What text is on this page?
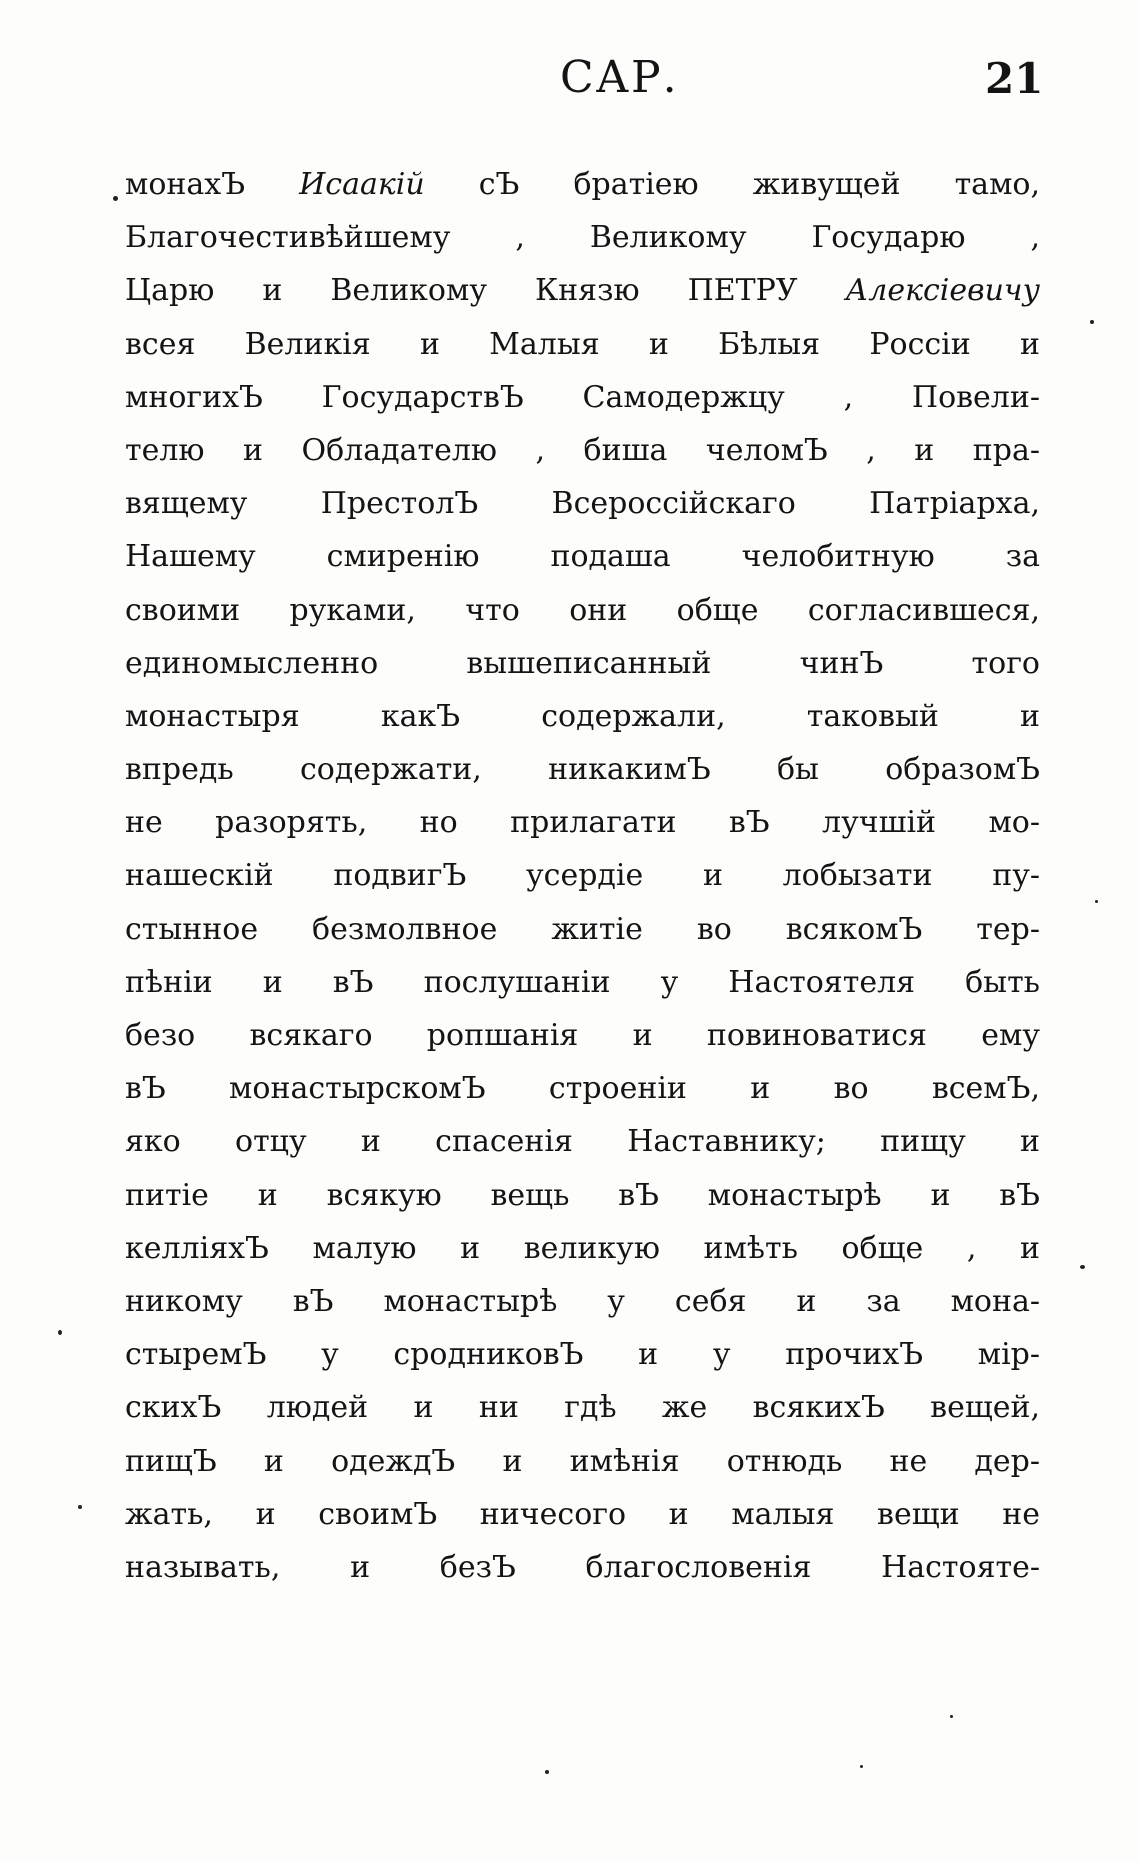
САР.	21
монахЪ Исаакій сЪ братіею живущей тамо,
Благочестивѣйшему , Великому Государю ,
Царю и Великому Князю ПЕТРУ Алексіевичу
всея Великія и Малыя и Бѣлыя Россіи и
многихЪ ГосударствЪ Самодержцу , Повели-
телю и Обладателю , биша челомЪ , и пра-
вящему ПрестолЪ Всероссійскаго Патріарха,
Нашему смиренію подаша челобитную за
своими руками, что они обще согласившеся,
единомысленно вышеписанный чинЪ того
монастыря какЪ содержали, таковый и
впредь содержати, никакимЪ бы образомЪ
не разорять, но прилагати вЪ лучшій мо-
нашескій подвигЪ усердіе и лобызати пу-
стынное безмолвное житіе во всякомЪ тер-
пѣніи и вЪ послушаніи у Настоятеля быть
безо всякаго ропшанія и повиноватися ему
вЪ монастырскомЪ строеніи и во всемЪ,
яко отцу и спасенія Наставнику; пищу и
питіе и всякую вещь вЪ монастырѣ и вЪ
келліяхЪ малую и великую имѣть обще , и
никому вЪ монастырѣ у себя и за мона-
стыремЪ у сродниковЪ и у прочихЪ мір-
скихЪ людей и ни гдѣ же всякихЪ вещей,
пищЪ и одеждЪ и имѣнія отнюдь не дер-
жать, и своимЪ ничесого и малыя вещи не
называть, и безЪ благословенія Настояте-
